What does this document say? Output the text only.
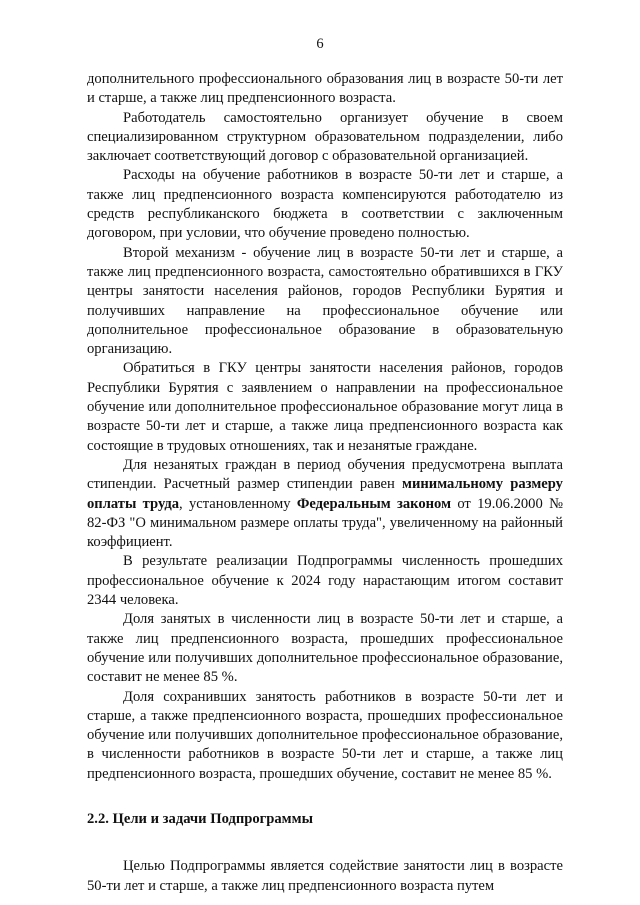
6

дополнительного профессионального образования лиц в возрасте 50-ти лет и старше, а также лиц предпенсионного возраста.

Работодатель самостоятельно организует обучение в своем специализированном структурном образовательном подразделении, либо заключает соответствующий договор с образовательной организацией.

Расходы на обучение работников в возрасте 50-ти лет и старше, а также лиц предпенсионного возраста компенсируются работодателю из средств республиканского бюджета в соответствии с заключенным договором, при условии, что обучение проведено полностью.

Второй механизм - обучение лиц в возрасте 50-ти лет и старше, а также лиц предпенсионного возраста, самостоятельно обратившихся в ГКУ центры занятости населения районов, городов Республики Бурятия и получивших направление на профессиональное обучение или дополнительное профессиональное образование в образовательную организацию.

Обратиться в ГКУ центры занятости населения районов, городов Республики Бурятия с заявлением о направлении на профессиональное обучение или дополнительное профессиональное образование могут лица в возрасте 50-ти лет и старше, а также лица предпенсионного возраста как состоящие в трудовых отношениях, так и незанятые граждане.

Для незанятых граждан в период обучения предусмотрена выплата стипендии. Расчетный размер стипендии равен минимальному размеру оплаты труда, установленному Федеральным законом от 19.06.2000 № 82-ФЗ "О минимальном размере оплаты труда", увеличенному на районный коэффициент.

В результате реализации Подпрограммы численность прошедших профессиональное обучение к 2024 году нарастающим итогом составит 2344 человека.

Доля занятых в численности лиц в возрасте 50-ти лет и старше, а также лиц предпенсионного возраста, прошедших профессиональное обучение или получивших дополнительное профессиональное образование, составит не менее 85 %.

Доля сохранивших занятость работников в возрасте 50-ти лет и старше, а также предпенсионного возраста, прошедших профессиональное обучение или получивших дополнительное профессиональное образование, в численности работников в возрасте 50-ти лет и старше, а также лиц предпенсионного возраста, прошедших обучение, составит не менее 85 %.

2.2. Цели и задачи Подпрограммы

Целью Подпрограммы является содействие занятости лиц в возрасте 50-ти лет и старше, а также лиц предпенсионного возраста путем
